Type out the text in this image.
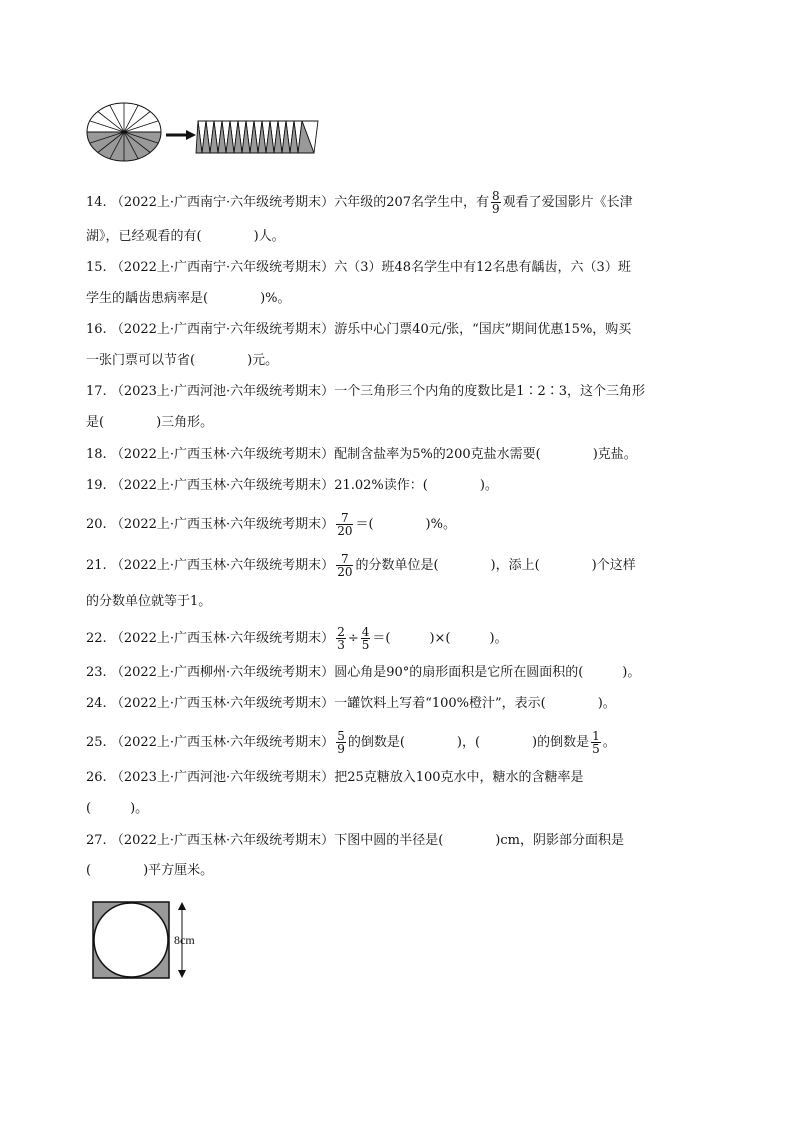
14. （2022上·广西南宁·六年级统考期末）六年级的207名学生中，有 $\frac{8}{9}$ 观看了爱国影片《长津
湖》，已经观看的有(　　　　)人。
15. （2022上·广西南宁·六年级统考期末）六（3）班48名学生中有12名患有龋齿，六（3）班
学生的龋齿患病率是(　　　　)%。
16. （2022上·广西南宁·六年级统考期末）游乐中心门票40元/张，“国庆”期间优惠15%，购买
一张门票可以节省(　　　　)元。
17. （2023上·广西河池·六年级统考期末）一个三角形三个内角的度数比是1∶2∶3，这个三角形
是(　　　　)三角形。
18. （2022上·广西玉林·六年级统考期末）配制含盐率为5%的200克盐水需要(　　　　)克盐。
19. （2022上·广西玉林·六年级统考期末）21.02%读作：(　　　　)。
20. （2022上·广西玉林·六年级统考期末） $\frac{7}{20}$ ＝(　　　　)%。
21. （2022上·广西玉林·六年级统考期末） $\frac{7}{20}$ 的分数单位是(　　　　)，添上(　　　　)个这样
的分数单位就等于1。
22. （2022上·广西玉林·六年级统考期末） $\frac{2}{3} \div \frac{4}{5}$ ＝(　　　)×(　　　)。
23. （2022上·广西柳州·六年级统考期末）圆心角是90°的扇形面积是它所在圆面积的(　　　)。
24. （2022上·广西玉林·六年级统考期末）一罐饮料上写着“100%橙汁”，表示(　　　　)。
25. （2022上·广西玉林·六年级统考期末） $\frac{5}{9}$ 的倒数是(　　　　)，(　　　　)的倒数是 $\frac{1}{5}$ 。
26. （2023上·广西河池·六年级统考期末）把25克糖放入100克水中，糖水的含糖率是
(　　　)。
27. （2022上·广西玉林·六年级统考期末）下图中圆的半径是(　　　　)cm，阴影部分面积是
(　　　　)平方厘米。
8cm
